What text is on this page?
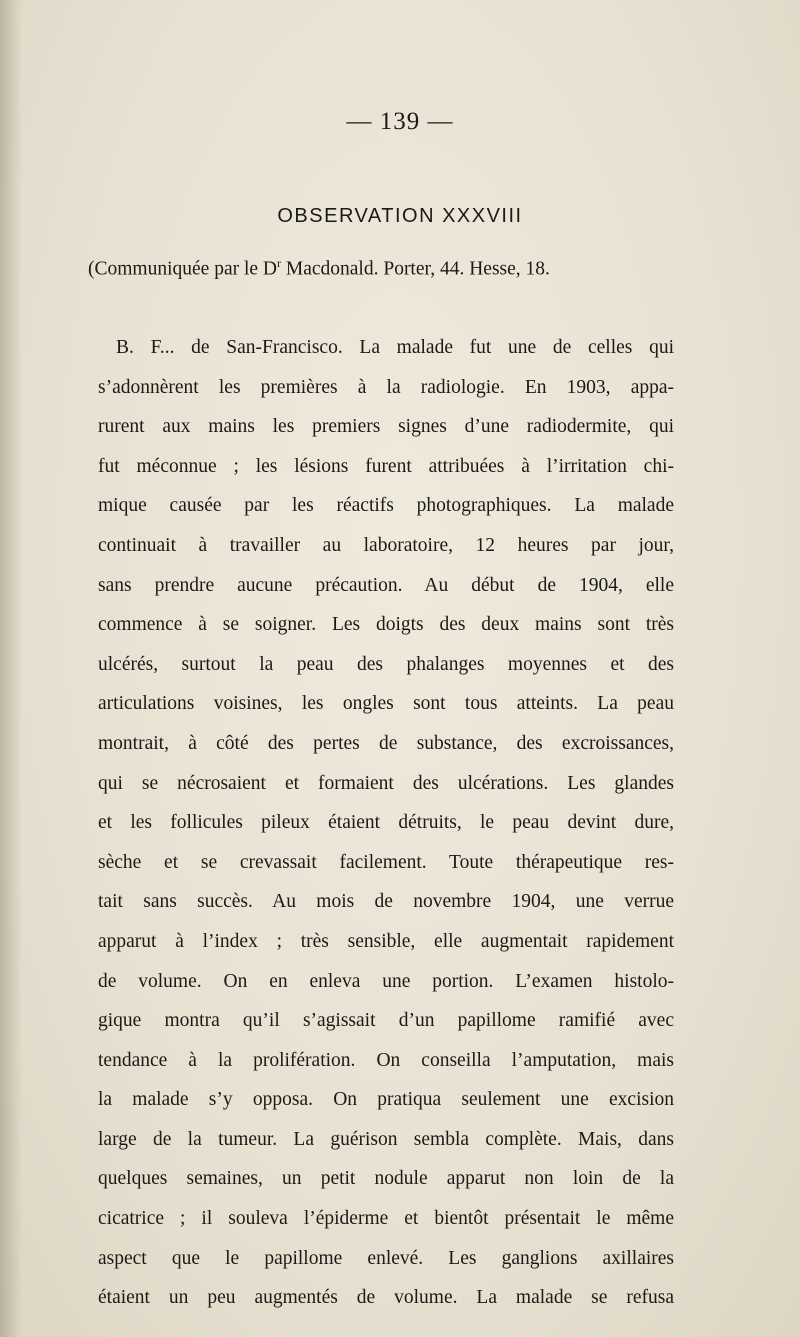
— 139 —
OBSERVATION XXXVIII
(Communiquée par le $D^r$ Macdonald. Porter, 44. Hesse, 18.
B. F... de San-Francisco. La malade fut une de celles qui
s’adonnèrent les premières à la radiologie. En 1903, appa-
rurent aux mains les premiers signes d’une radiodermite, qui
fut méconnue ; les lésions furent attribuées à l’irritation chi-
mique causée par les réactifs photographiques. La malade
continuait à travailler au laboratoire, 12 heures par jour,
sans prendre aucune précaution. Au début de 1904, elle
commence à se soigner. Les doigts des deux mains sont très
ulcérés, surtout la peau des phalanges moyennes et des
articulations voisines, les ongles sont tous atteints. La peau
montrait, à côté des pertes de substance, des excroissances,
qui se nécrosaient et formaient des ulcérations. Les glandes
et les follicules pileux étaient détruits, le peau devint dure,
sèche et se crevassait facilement. Toute thérapeutique res-
tait sans succès. Au mois de novembre 1904, une verrue
apparut à l’index ; très sensible, elle augmentait rapidement
de volume. On en enleva une portion. L’examen histolo-
gique montra qu’il s’agissait d’un papillome ramifié avec
tendance à la prolifération. On conseilla l’amputation, mais
la malade s’y opposa. On pratiqua seulement une excision
large de la tumeur. La guérison sembla complète. Mais, dans
quelques semaines, un petit nodule apparut non loin de la
cicatrice ; il souleva l’épiderme et bientôt présentait le même
aspect que le papillome enlevé. Les ganglions axillaires
étaient un peu augmentés de volume. La malade se refusa
